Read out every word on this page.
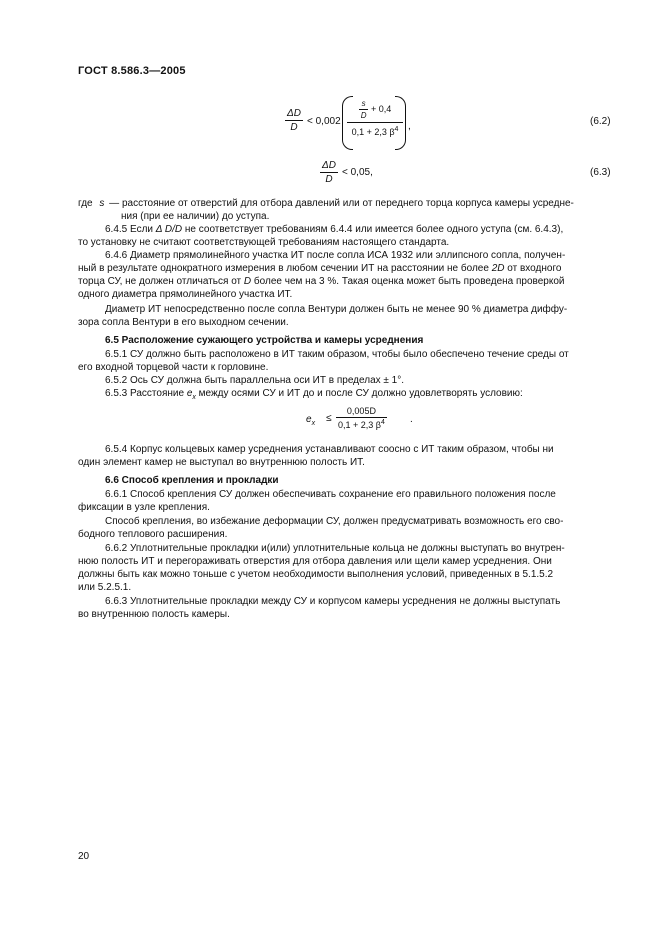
ГОСТ 8.586.3—2005
$\frac{\Delta D}{D} < 0,002 \frac{\frac{s}{D} + 0,4}{0,1 + 2,3 \beta^4}$ ,	(6.2)
$\frac{\Delta D}{D} < 0,05$,	(6.3)
где s — расстояние от отверстий для отбора давлений или от переднего торца корпуса камеры усредне-
ния (при ее наличии) до уступа.
6.4.5 Если Δ D/D не соответствует требованиям 6.4.4 или имеется более одного уступа (см. 6.4.3),
то установку не считают соответствующей требованиям настоящего стандарта.
6.4.6 Диаметр прямолинейного участка ИТ после сопла ИСА 1932 или эллипсного сопла, получен-
ный в результате однократного измерения в любом сечении ИТ на расстоянии не более 2D от входного
торца СУ, не должен отличаться от D более чем на 3 %. Такая оценка может быть проведена проверкой
одного диаметра прямолинейного участка ИТ.
Диаметр ИТ непосредственно после сопла Вентури должен быть не менее 90 % диаметра диффу-
зора сопла Вентури в его выходном сечении.
6.5 Расположение сужающего устройства и камеры усреднения
6.5.1 СУ должно быть расположено в ИТ таким образом, чтобы было обеспечено течение среды от
его входной торцевой части к горловине.
6.5.2 Ось СУ должна быть параллельна оси ИТ в пределах ± 1°.
6.5.3 Расстояние $e_x$ между осями СУ и ИТ до и после СУ должно удовлетворять условию:
$e_x \le \frac{0,005D}{0,1 + 2,3 \beta^4}$ .
6.5.4 Корпус кольцевых камер усреднения устанавливают соосно с ИТ таким образом, чтобы ни
один элемент камер не выступал во внутреннюю полость ИТ.
6.6 Способ крепления и прокладки
6.6.1 Способ крепления СУ должен обеспечивать сохранение его правильного положения после
фиксации в узле крепления.
Способ крепления, во избежание деформации СУ, должен предусматривать возможность его сво-
бодного теплового расширения.
6.6.2 Уплотнительные прокладки и(или) уплотнительные кольца не должны выступать во внутрен-
нюю полость ИТ и перегораживать отверстия для отбора давления или щели камер усреднения. Они
должны быть как можно тоньше с учетом необходимости выполнения условий, приведенных в 5.1.5.2
или 5.2.5.1.
6.6.3 Уплотнительные прокладки между СУ и корпусом камеры усреднения не должны выступать
во внутреннюю полость камеры.
20
